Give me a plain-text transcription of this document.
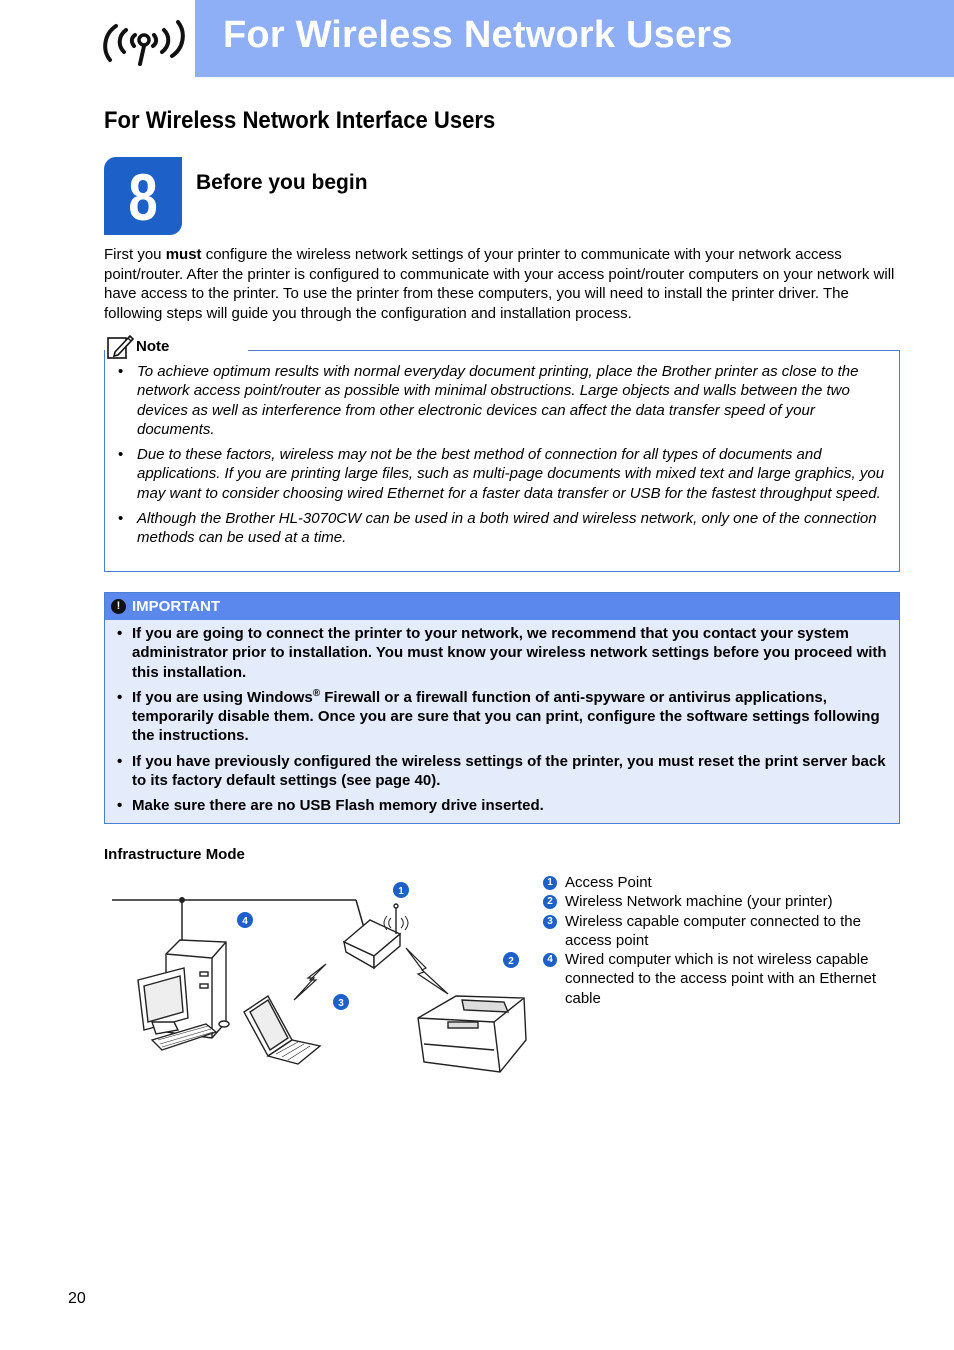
For Wireless Network Users
For Wireless Network Interface Users
8	Before you begin

First you must configure the wireless network settings of your printer to communicate with your network access point/router. After the printer is configured to communicate with your access point/router computers on your network will have access to the printer. To use the printer from these computers, you will need to install the printer driver. The following steps will guide you through the configuration and installation process.

Note
• To achieve optimum results with normal everyday document printing, place the Brother printer as close to the network access point/router as possible with minimal obstructions. Large objects and walls between the two devices as well as interference from other electronic devices can affect the data transfer speed of your documents.
• Due to these factors, wireless may not be the best method of connection for all types of documents and applications. If you are printing large files, such as multi-page documents with mixed text and large graphics, you may want to consider choosing wired Ethernet for a faster data transfer or USB for the fastest throughput speed.
• Although the Brother HL-3070CW can be used in a both wired and wireless network, only one of the connection methods can be used at a time.
! IMPORTANT
• If you are going to connect the printer to your network, we recommend that you contact your system administrator prior to installation. You must know your wireless network settings before you proceed with this installation.
• If you are using Windows® Firewall or a firewall function of anti-spyware or antivirus applications, temporarily disable them. Once you are sure that you can print, configure the software settings following the instructions.
• If you have previously configured the wireless settings of the printer, you must reset the print server back to its factory default settings (see page 40).
• Make sure there are no USB Flash memory drive inserted.
Infrastructure Mode
1
2
3
4
1 Access Point
2 Wireless Network machine (your printer)
3 Wireless capable computer connected to the access point
4 Wired computer which is not wireless capable connected to the access point with an Ethernet cable
20
